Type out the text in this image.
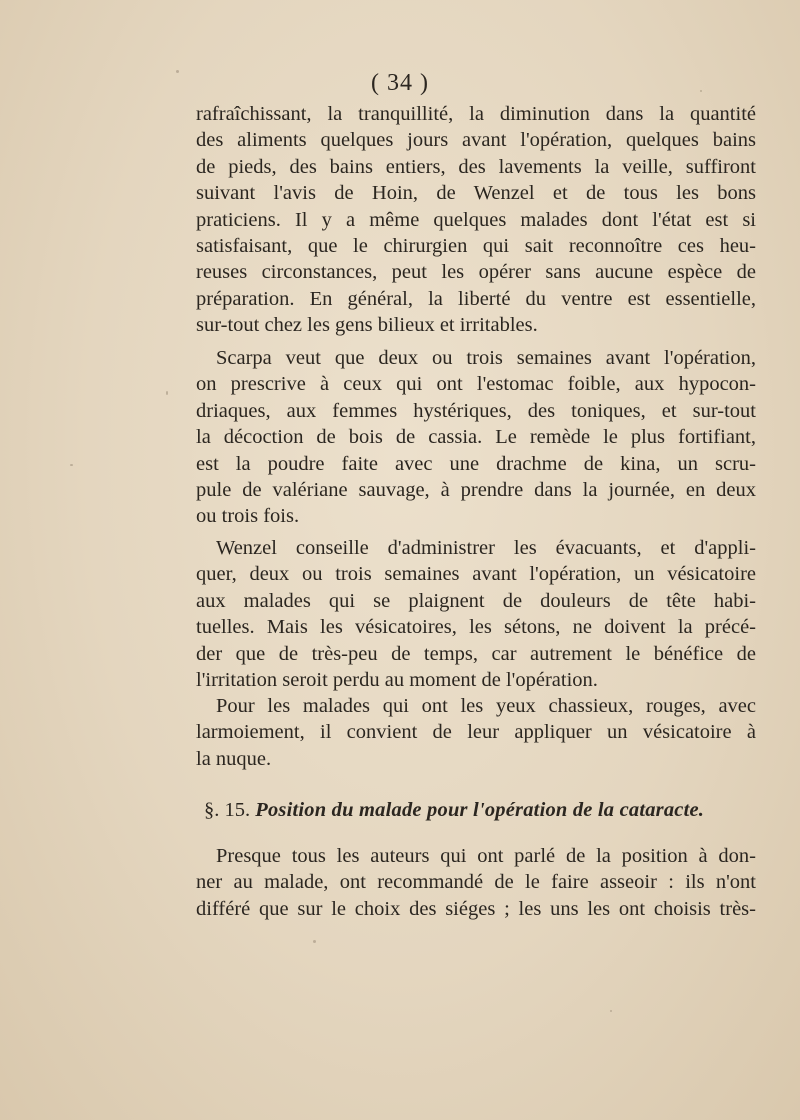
( 34 )
rafraîchissant, la tranquillité, la diminution dans la quantité
des aliments quelques jours avant l'opération, quelques bains
de pieds, des bains entiers, des lavements la veille, suffiront
suivant l'avis de Hoin, de Wenzel et de tous les bons
praticiens. Il y a même quelques malades dont l'état est si
satisfaisant, que le chirurgien qui sait reconnoître ces heu-
reuses circonstances, peut les opérer sans aucune espèce de
préparation. En général, la liberté du ventre est essentielle,
sur-tout chez les gens bilieux et irritables.
Scarpa veut que deux ou trois semaines avant l'opération,
on prescrive à ceux qui ont l'estomac foible, aux hypocon-
driaques, aux femmes hystériques, des toniques, et sur-tout
la décoction de bois de cassia. Le remède le plus fortifiant,
est la poudre faite avec une drachme de kina, un scru-
pule de valériane sauvage, à prendre dans la journée, en deux
ou trois fois.
Wenzel conseille d'administrer les évacuants, et d'appli-
quer, deux ou trois semaines avant l'opération, un vésicatoire
aux malades qui se plaignent de douleurs de tête habi-
tuelles. Mais les vésicatoires, les sétons, ne doivent la précé-
der que de très-peu de temps, car autrement le bénéfice de
l'irritation seroit perdu au moment de l'opération.
Pour les malades qui ont les yeux chassieux, rouges, avec
larmoiement, il convient de leur appliquer un vésicatoire à
la nuque.
§. 15. Position du malade pour l'opération de la cataracte.
Presque tous les auteurs qui ont parlé de la position à don-
ner au malade, ont recommandé de le faire asseoir : ils n'ont
différé que sur le choix des siéges ; les uns les ont choisis très-
